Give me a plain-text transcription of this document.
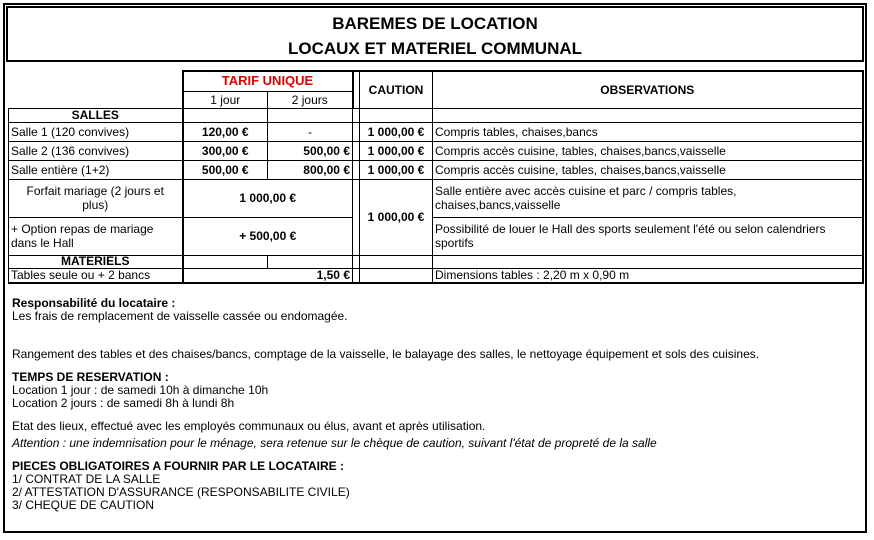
BAREMES DE LOCATION
LOCAUX ET MATERIEL COMMUNAL
	TARIF UNIQUE			CAUTION	OBSERVATIONS
	1 jour	2 jours			
SALLES					
Salle 1 (120 convives)	120,00 €	-		1 000,00 €	Compris tables, chaises,bancs
Salle 2 (136 convives)	300,00 €	500,00 €		1 000,00 €	Compris accès cuisine, tables, chaises,bancs,vaisselle
Salle entière (1+2)	500,00 €	800,00 €		1 000,00 €	Compris accès cuisine, tables, chaises,bancs,vaisselle
Forfait mariage (2 jours et plus)	1 000,00 €			1 000,00 €	Salle entière avec accès cuisine et parc / compris tables, chaises,bancs,vaisselle
+ Option repas de mariage dans le Hall	+ 500,00 €				Possibilité de louer le Hall des sports seulement l'été ou selon calendriers sportifs
MATERIELS					
Tables seule ou + 2 bancs	1,50 €				Dimensions tables : 2,20 m x 0,90 m

Responsabilité du locataire :

Les frais de remplacement de vaisselle cassée ou endomagée.

Rangement des tables et des chaises/bancs, comptage de la vaisselle, le balayage des salles, le nettoyage équipement et sols des cuisines.

TEMPS DE RESERVATION :

Location 1 jour : de samedi 10h à dimanche 10h

Location 2 jours : de samedi 8h à lundi 8h

Etat des lieux, effectué avec les employés communaux ou élus, avant et après utilisation.

Attention : une indemnisation pour le ménage, sera retenue sur le chèque de caution, suivant l'état de propreté de la salle

PIECES OBLIGATOIRES A FOURNIR PAR LE LOCATAIRE :

1/ CONTRAT DE LA SALLE

2/ ATTESTATION D'ASSURANCE (RESPONSABILITE CIVILE)

3/ CHEQUE DE CAUTION
